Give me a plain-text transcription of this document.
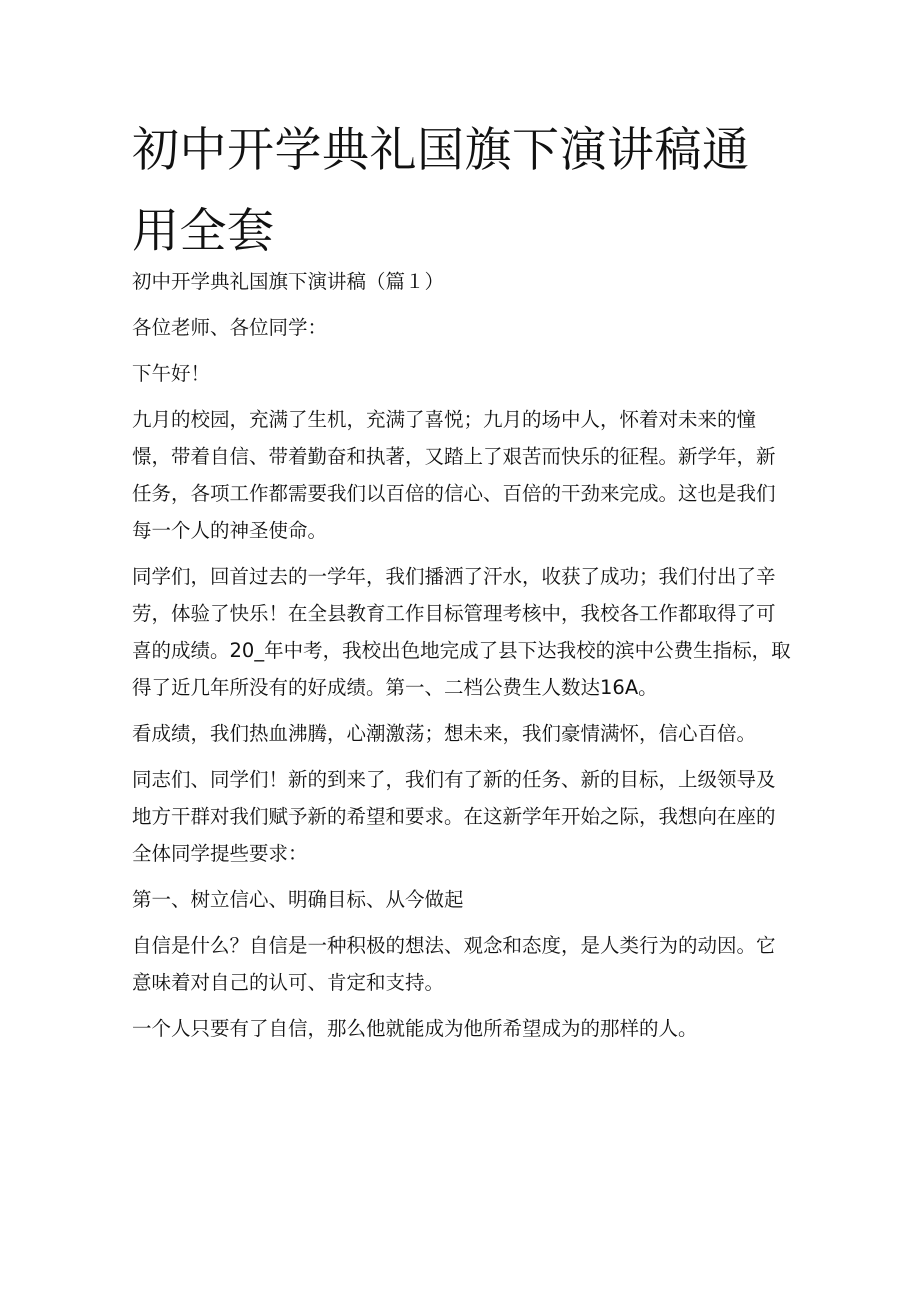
初中开学典礼国旗下演讲稿通用全套

初中开学典礼国旗下演讲稿（篇１）

各位老师、各位同学：

下午好！

九月的校园，充满了生机，充满了喜悦；九月的场中人，怀着对未来的憧憬，带着自信、带着勤奋和执著，又踏上了艰苦而快乐的征程。新学年，新任务，各项工作都需要我们以百倍的信心、百倍的干劲来完成。这也是我们每一个人的神圣使命。

同学们，回首过去的一学年，我们播洒了汗水，收获了成功；我们付出了辛劳，体验了快乐！在全县教育工作目标管理考核中，我校各工作都取得了可喜的成绩。20_年中考，我校出色地完成了县下达我校的滨中公费生指标，取得了近几年所没有的好成绩。第一、二档公费生人数达16A。

看成绩，我们热血沸腾，心潮激荡；想未来，我们豪情满怀，信心百倍。

同志们、同学们！新的到来了，我们有了新的任务、新的目标，上级领导及地方干群对我们赋予新的希望和要求。在这新学年开始之际，我想向在座的全体同学提些要求：

第一、树立信心、明确目标、从今做起

自信是什么？自信是一种积极的想法、观念和态度，是人类行为的动因。它意味着对自己的认可、肯定和支持。

一个人只要有了自信，那么他就能成为他所希望成为的那样的人。
